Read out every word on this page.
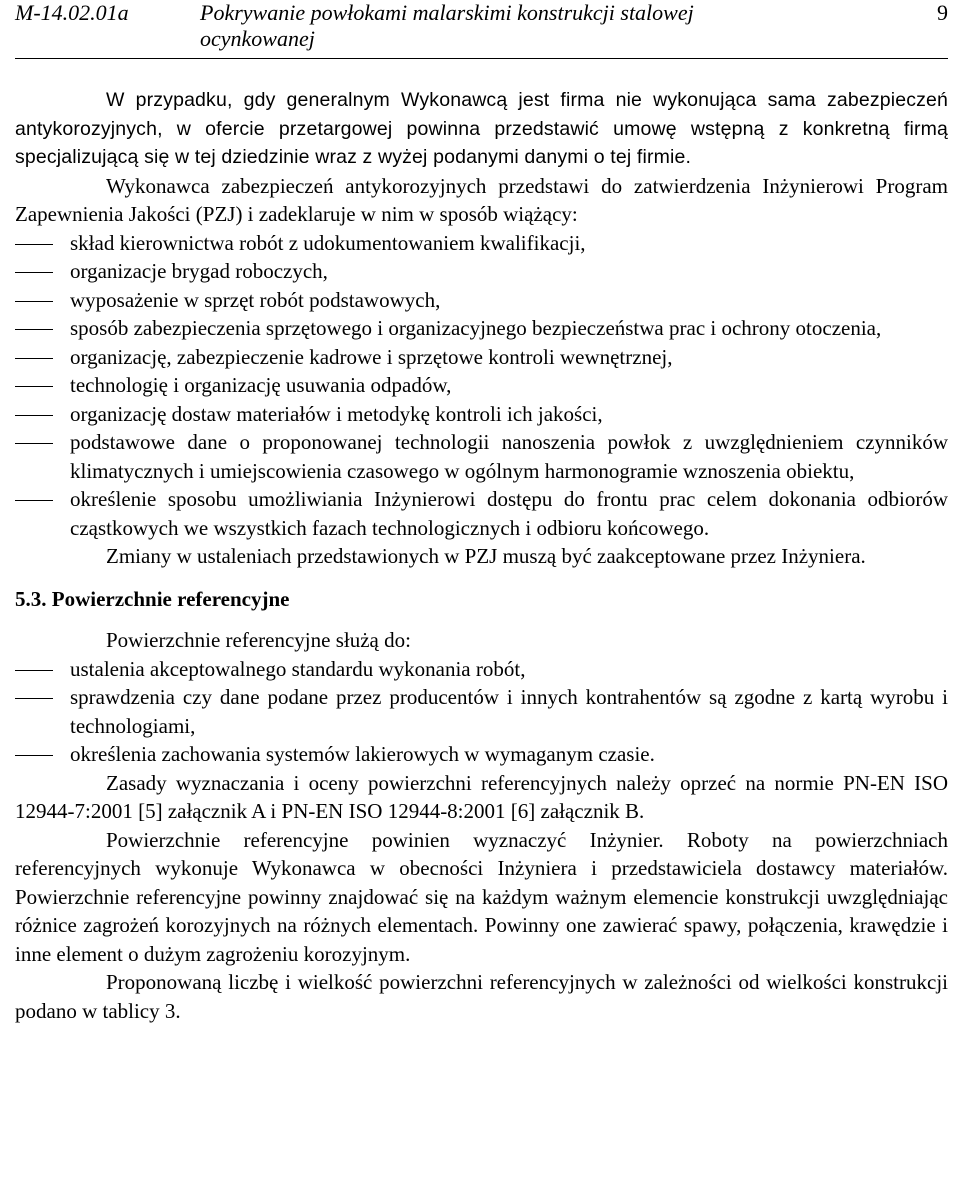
M-14.02.01a	Pokrywanie powłokami malarskimi konstrukcji stalowej ocynkowanej
9

W przypadku, gdy generalnym Wykonawcą jest firma nie wykonująca sama zabezpieczeń antykorozyjnych, w ofercie przetargowej powinna przedstawić umowę wstępną z konkretną firmą specjalizującą się w tej dziedzinie wraz z wyżej podanymi danymi o tej firmie.

Wykonawca zabezpieczeń antykorozyjnych przedstawi do zatwierdzenia Inżynierowi Program Zapewnienia Jakości (PZJ) i zadeklaruje w nim w sposób wiążący:

skład kierownictwa robót z udokumentowaniem kwalifikacji,
organizacje brygad roboczych,
wyposażenie w sprzęt robót podstawowych,
sposób zabezpieczenia sprzętowego i organizacyjnego bezpieczeństwa prac i ochrony otoczenia,
organizację, zabezpieczenie kadrowe i sprzętowe kontroli wewnętrznej,
technologię i organizację usuwania odpadów,
organizację dostaw materiałów i metodykę kontroli ich jakości,
podstawowe dane o proponowanej technologii nanoszenia powłok z uwzględnieniem czynników klimatycznych i umiejscowienia czasowego w ogólnym harmonogramie wznoszenia obiektu,
określenie sposobu umożliwiania Inżynierowi dostępu do frontu prac celem dokonania odbiorów cząstkowych we wszystkich fazach technologicznych i odbioru końcowego.

Zmiany w ustaleniach przedstawionych w PZJ muszą być zaakceptowane przez Inżyniera.

5.3. Powierzchnie referencyjne

Powierzchnie referencyjne służą do:

ustalenia akceptowalnego standardu wykonania robót,
sprawdzenia czy dane podane przez producentów i innych kontrahentów są zgodne z kartą wyrobu i technologiami,
określenia zachowania systemów lakierowych w wymaganym czasie.

Zasady wyznaczania i oceny powierzchni referencyjnych należy oprzeć na normie PN-EN ISO 12944-7:2001 [5] załącznik A i PN-EN ISO 12944-8:2001 [6] załącznik B.

Powierzchnie referencyjne powinien wyznaczyć Inżynier. Roboty na powierzchniach referencyjnych wykonuje Wykonawca w obecności Inżyniera i przedstawiciela dostawcy materiałów. Powierzchnie referencyjne powinny znajdować się na każdym ważnym elemencie konstrukcji uwzględniając różnice zagrożeń korozyjnych na różnych elementach. Powinny one zawierać spawy, połączenia, krawędzie i inne element o dużym zagrożeniu korozyjnym.

Proponowaną liczbę i wielkość powierzchni referencyjnych w zależności od wielkości konstrukcji podano w tablicy 3.
